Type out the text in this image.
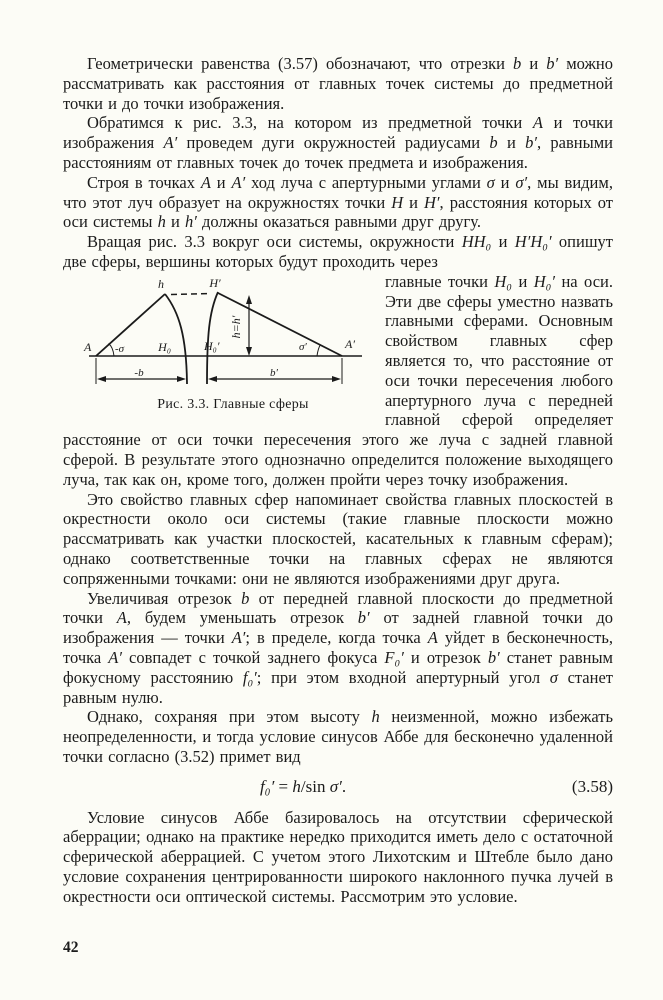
Геометрически равенства (3.57) обозначают, что отрезки b и b′ можно рассматривать как расстояния от главных точек системы до предметной точки и до точки изображения.

Обратимся к рис. 3.3, на котором из предметной точки A и точки изображения A′ проведем дуги окружностей радиусами b и b′, равными расстояниям от главных точек до точек предмета и изображения.

Строя в точках A и A′ ход луча с апертурными углами σ и σ′, мы видим, что этот луч образует на окружностях точки H и H′, расстояния которых от оси системы h и h′ должны оказаться равными друг другу.

Вращая рис. 3.3 вокруг оси системы, окружности HH₀ и H′H₀′ опишут две сферы, вершины которых будут проходить через

A
h	H′
H₀	H₀′
-σ	σ′	A′
h=h′
-b	b′
Рис. 3.3. Главные сферы

главные точки H₀ и H₀′ на оси. Эти две сферы уместно назвать главными сферами. Основным свойством главных сфер является то, что расстояние от оси точки пересечения любого апертурного луча с передней главной сферой определяет расстояние от оси точки пересечения этого же луча с задней главной сферой. В результате этого однозначно определится положение выходящего луча, так как он, кроме того, должен пройти через точку изображения.

Это свойство главных сфер напоминает свойства главных плоскостей в окрестности около оси системы (такие главные плоскости можно рассматривать как участки плоскостей, касательных к главным сферам); однако соответственные точки на главных сферах не являются сопряженными точками: они не являются изображениями друг друга.

Увеличивая отрезок b от передней главной плоскости до предметной точки A, будем уменьшать отрезок b′ от задней главной точки до изображения — точки A′; в пределе, когда точка A уйдет в бесконечность, точка A′ совпадет с точкой заднего фокуса F₀′ и отрезок b′ станет равным фокусному расстоянию f₀′; при этом входной апертурный угол σ станет равным нулю.

Однако, сохраняя при этом высоту h неизменной, можно избежать неопределенности, и тогда условие синусов Аббе для бесконечно удаленной точки согласно (3.52) примет вид

f₀′ = h/sin σ′.	(3.58)

Условие синусов Аббе базировалось на отсутствии сферической аберрации; однако на практике нередко приходится иметь дело с остаточной сферической аберрацией. С учетом этого Лихотским и Штебле было дано условие сохранения центрированности широкого наклонного пучка лучей в окрестности оси оптической системы. Рассмотрим это условие.

42
